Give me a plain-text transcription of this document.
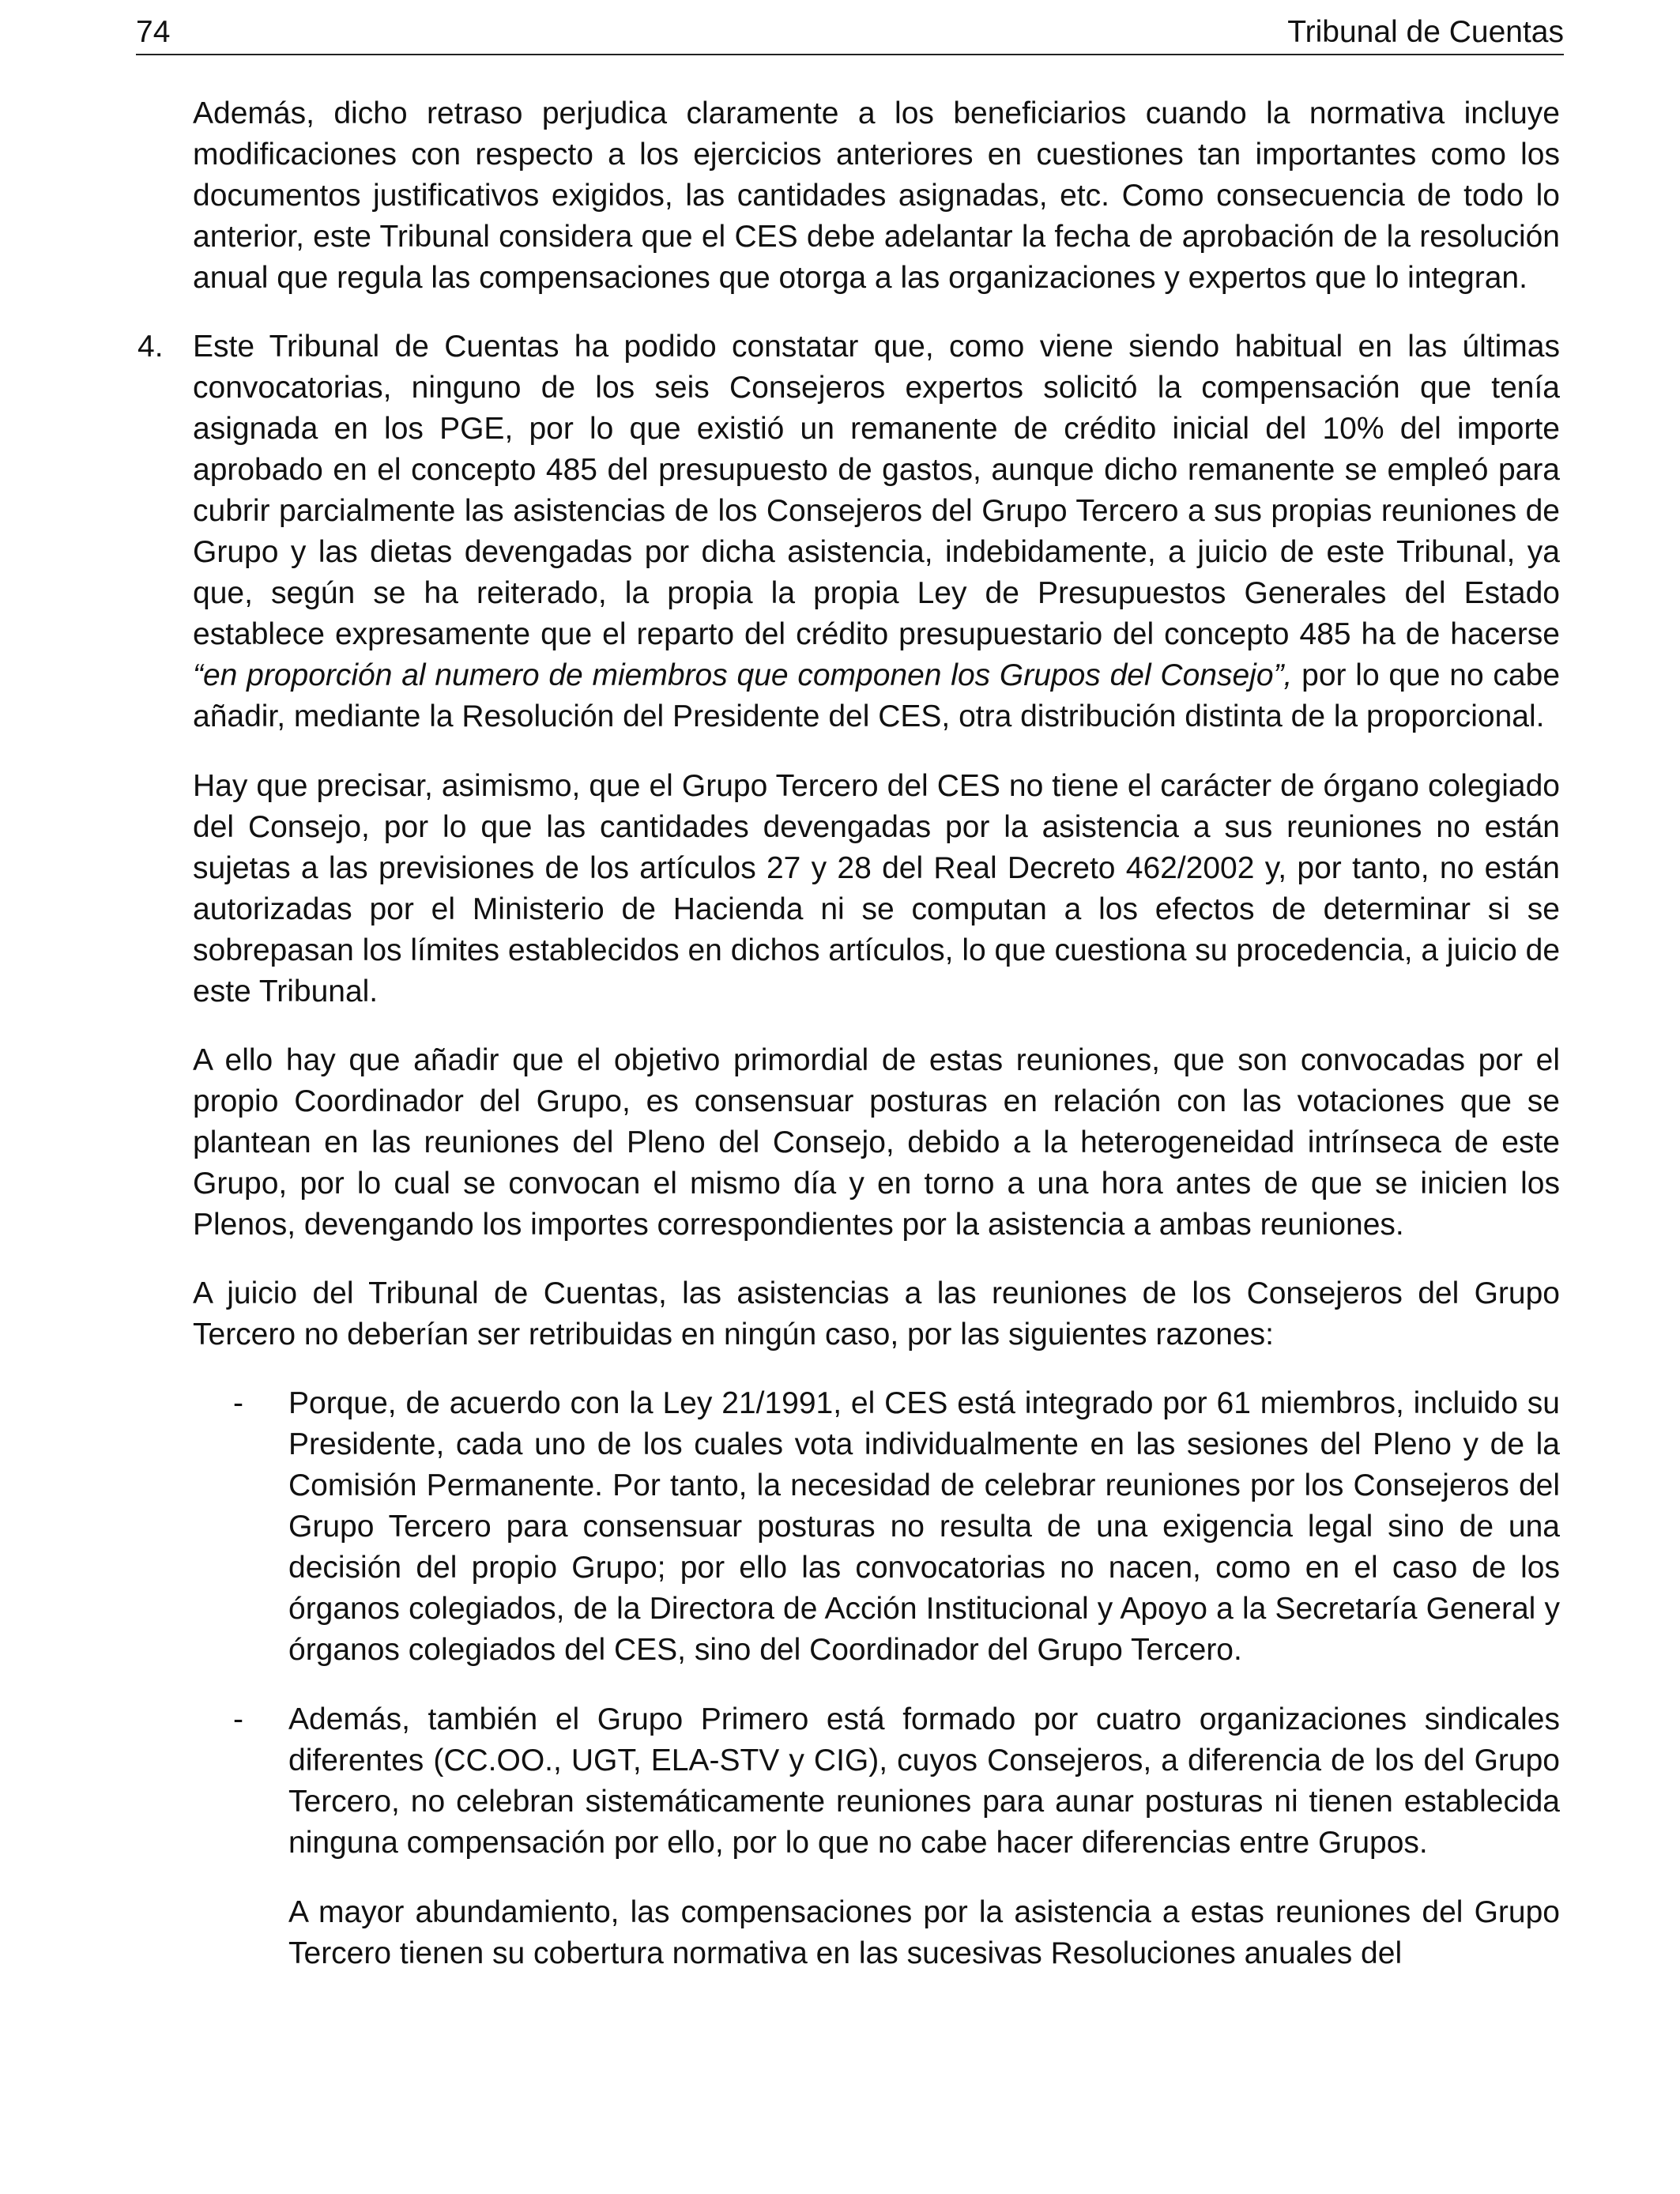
74	Tribunal de Cuentas

Además, dicho retraso perjudica claramente a los beneficiarios cuando la normativa incluye modificaciones con respecto a los ejercicios anteriores en cuestiones tan importantes como los documentos justificativos exigidos, las cantidades asignadas, etc. Como consecuencia de todo lo anterior, este Tribunal considera que el CES debe adelantar la fecha de aprobación de la resolución anual que regula las compensaciones que otorga a las organizaciones y expertos que lo integran.

4. Este Tribunal de Cuentas ha podido constatar que, como viene siendo habitual en las últimas convocatorias, ninguno de los seis Consejeros expertos solicitó la compensación que tenía asignada en los PGE, por lo que existió un remanente de crédito inicial del 10% del importe aprobado en el concepto 485 del presupuesto de gastos, aunque dicho remanente se empleó para cubrir parcialmente las asistencias de los Consejeros del Grupo Tercero a sus propias reuniones de Grupo y las dietas devengadas por dicha asistencia, indebidamente, a juicio de este Tribunal, ya que, según se ha reiterado, la propia la propia Ley de Presupuestos Generales del Estado establece expresamente que el reparto del crédito presupuestario del concepto 485 ha de hacerse “en proporción al numero de miembros que componen los Grupos del Consejo”, por lo que no cabe añadir, mediante la Resolución del Presidente del CES, otra distribución distinta de la proporcional.

Hay que precisar, asimismo, que el Grupo Tercero del CES no tiene el carácter de órgano colegiado del Consejo, por lo que las cantidades devengadas por la asistencia a sus reuniones no están sujetas a las previsiones de los artículos 27 y 28 del Real Decreto 462/2002 y, por tanto, no están autorizadas por el Ministerio de Hacienda ni se computan a los efectos de determinar si se sobrepasan los límites establecidos en dichos artículos, lo que cuestiona su procedencia, a juicio de este Tribunal.

A ello hay que añadir que el objetivo primordial de estas reuniones, que son convocadas por el propio Coordinador del Grupo, es consensuar posturas en relación con las votaciones que se plantean en las reuniones del Pleno del Consejo, debido a la heterogeneidad intrínseca de este Grupo, por lo cual se convocan el mismo día y en torno a una hora antes de que se inicien los Plenos, devengando los importes correspondientes por la asistencia a ambas reuniones.

A juicio del Tribunal de Cuentas, las asistencias a las reuniones de los Consejeros del Grupo Tercero no deberían ser retribuidas en ningún caso, por las siguientes razones:

- Porque, de acuerdo con la Ley 21/1991, el CES está integrado por 61 miembros, incluido su Presidente, cada uno de los cuales vota individualmente en las sesiones del Pleno y de la Comisión Permanente. Por tanto, la necesidad de celebrar reuniones por los Consejeros del Grupo Tercero para consensuar posturas no resulta de una exigencia legal sino de una decisión del propio Grupo; por ello las convocatorias no nacen, como en el caso de los órganos colegiados, de la Directora de Acción Institucional y Apoyo a la Secretaría General y órganos colegiados del CES, sino del Coordinador del Grupo Tercero.
- Además, también el Grupo Primero está formado por cuatro organizaciones sindicales diferentes (CC.OO., UGT, ELA-STV y CIG), cuyos Consejeros, a diferencia de los del Grupo Tercero, no celebran sistemáticamente reuniones para aunar posturas ni tienen establecida ninguna compensación por ello, por lo que no cabe hacer diferencias entre Grupos.

A mayor abundamiento, las compensaciones por la asistencia a estas reuniones del Grupo Tercero tienen su cobertura normativa en las sucesivas Resoluciones anuales del
